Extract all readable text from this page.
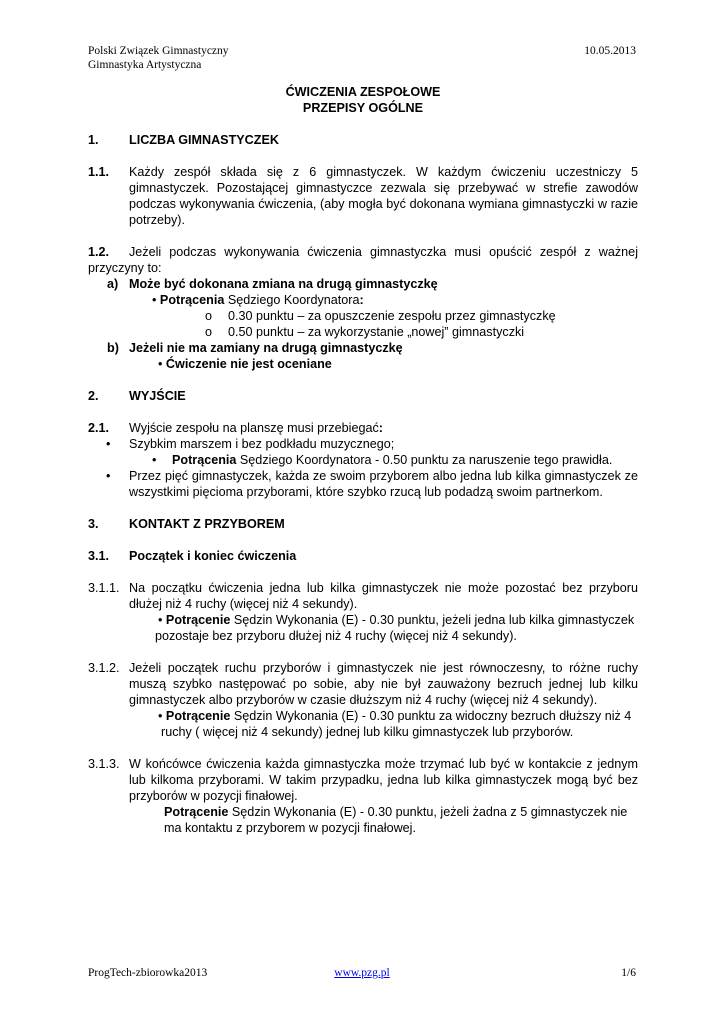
Polski Związek Gimnastyczny
Gimnastyka Artystyczna
10.05.2013
ĆWICZENIA ZESPOŁOWE
PRZEPISY OGÓLNE
1.	LICZBA GIMNASTYCZEK
1.1.	Każdy zespół składa się z 6 gimnastyczek. W każdym ćwiczeniu uczestniczy 5 gimnastyczek. Pozostającej gimnastyczce zezwala się przebywać w strefie zawodów podczas wykonywania ćwiczenia, (aby mogła być dokonana wymiana gimnastyczki w razie potrzeby).
1.2. Jeżeli podczas wykonywania ćwiczenia gimnastyczka musi opuścić zespół z ważnej przyczyny to:
a) Może być dokonana zmiana na drugą gimnastyczkę
• Potrącenia Sędziego Koordynatora:
o 0.30 punktu – za opuszczenie zespołu przez gimnastyczkę
o 0.50 punktu – za wykorzystanie „nowej” gimnastyczki
b) Jeżeli nie ma zamiany na drugą gimnastyczkę
• Ćwiczenie nie jest oceniane
2.	WYJŚCIE
2.1.	Wyjście zespołu na planszę musi przebiegać:
•	Szybkim marszem i bez podkładu muzycznego;
•	Potrącenia Sędziego Koordynatora - 0.50 punktu za naruszenie tego prawidła.
•	Przez pięć gimnastyczek, każda ze swoim przyborem albo jedna lub kilka gimnastyczek ze wszystkimi pięcioma przyborami, które szybko rzucą lub podadzą swoim partnerkom.
3.	KONTAKT Z PRZYBOREM
3.1.	Początek i koniec ćwiczenia
3.1.1. Na początku ćwiczenia jedna lub kilka gimnastyczek nie może pozostać bez przyboru dłużej niż 4 ruchy (więcej niż 4 sekundy).
• Potrącenie Sędzin Wykonania (E) - 0.30 punktu, jeżeli jedna lub kilka gimnastyczek
pozostaje bez przyboru dłużej niż 4 ruchy (więcej niż 4 sekundy).
3.1.2. Jeżeli początek ruchu przyborów i gimnastyczek nie jest równoczesny, to różne ruchy muszą szybko następować po sobie, aby nie był zauważony bezruch jednej lub kilku gimnastyczek albo przyborów w czasie dłuższym niż 4 ruchy (więcej niż 4 sekundy).
• Potrącenie Sędzin Wykonania (E) - 0.30 punktu za widoczny bezruch dłuższy niż 4
ruchy ( więcej niż 4 sekundy) jednej lub kilku gimnastyczek lub przyborów.
3.1.3. W końcówce ćwiczenia każda gimnastyczka może trzymać lub być w kontakcie z jednym lub kilkoma przyborami. W takim przypadku, jedna lub kilka gimnastyczek mogą być bez przyborów w pozycji finałowej.
Potrącenie Sędzin Wykonania (E) - 0.30 punktu, jeżeli żadna z 5 gimnastyczek nie ma kontaktu z przyborem w pozycji finałowej.
ProgTech-zbiorowka2013	www.pzg.pl	1/6
